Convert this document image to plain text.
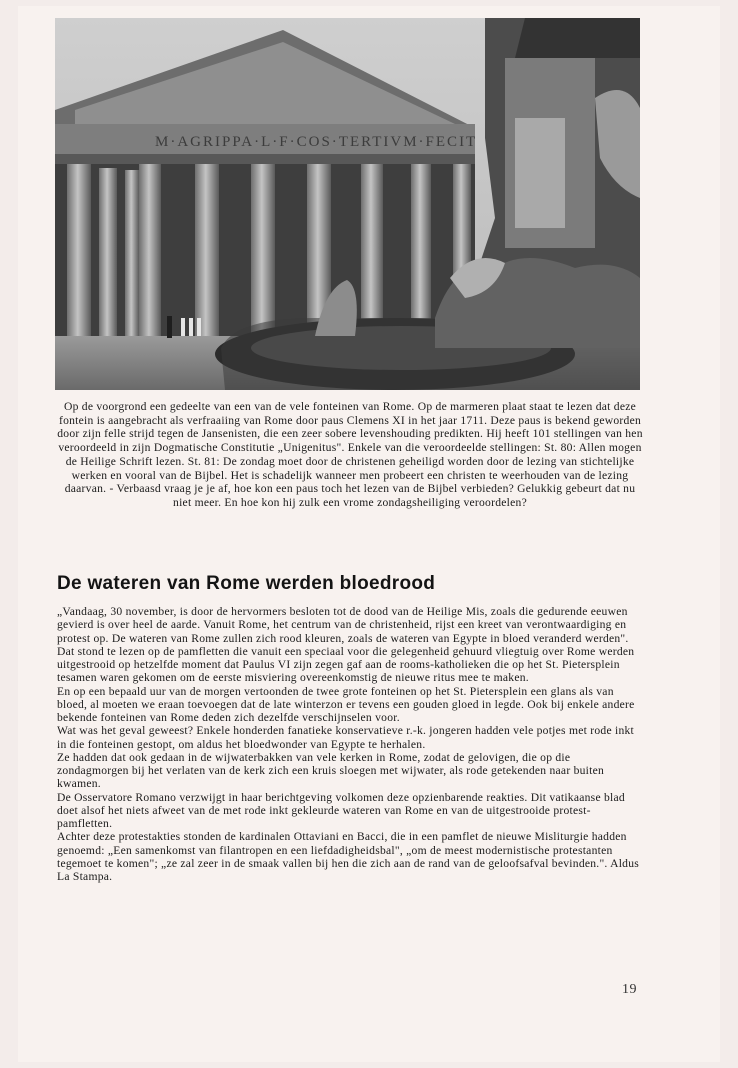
M·AGRIPPA·L·F·COS·TERTIVM·FECIT

Op de voorgrond een gedeelte van een van de vele fonteinen van Rome. Op de marmeren plaat staat te lezen dat deze fontein is aangebracht als verfraaiing van Rome door paus Clemens XI in het jaar 1711. Deze paus is bekend geworden door zijn felle strijd tegen de Jansenisten, die een zeer sobere levenshouding predikten. Hij heeft 101 stellingen van hen veroordeeld in zijn Dogmatische Constitutie „Unigenitus". Enkele van die veroordeelde stellingen: St. 80: Allen mogen de Heilige Schrift lezen. St. 81: De zondag moet door de christenen geheiligd worden door de lezing van stichtelijke werken en vooral van de Bijbel. Het is schadelijk wanneer men probeert een christen te weerhouden van de lezing daarvan. - Verbaasd vraag je je af, hoe kon een paus toch het lezen van de Bijbel verbieden? Gelukkig gebeurt dat nu niet meer. En hoe kon hij zulk een vrome zondagsheiliging veroordelen?

De wateren van Rome werden bloedrood

„Vandaag, 30 november, is door de hervormers besloten tot de dood van de Heilige Mis, zoals die gedurende eeuwen gevierd is over heel de aarde. Vanuit Rome, het centrum van de christenheid, rijst een kreet van verontwaardiging en protest op. De wateren van Rome zullen zich rood kleuren, zoals de wateren van Egypte in bloed veranderd werden". Dat stond te lezen op de pamfletten die vanuit een speciaal voor die gelegenheid gehuurd vliegtuig over Rome werden uitgestrooid op hetzelfde moment dat Paulus VI zijn zegen gaf aan de rooms-katholieken die op het St. Pietersplein tesamen waren gekomen om de eerste misviering overeenkomstig de nieuwe ritus mee te maken.

En op een bepaald uur van de morgen vertoonden de twee grote fonteinen op het St. Pietersplein een glans als van bloed, al moeten we eraan toevoegen dat de late winterzon er tevens een gouden gloed in legde. Ook bij enkele andere bekende fonteinen van Rome deden zich dezelfde verschijnselen voor.

Wat was het geval geweest? Enkele honderden fanatieke konservatieve r.-k. jongeren hadden vele potjes met rode inkt in die fonteinen gestopt, om aldus het bloedwonder van Egypte te herhalen.

Ze hadden dat ook gedaan in de wijwaterbakken van vele kerken in Rome, zodat de gelovigen, die op die zondagmorgen bij het verlaten van de kerk zich een kruis sloegen met wijwater, als rode getekenden naar buiten kwamen.

De Osservatore Romano verzwijgt in haar berichtgeving volkomen deze opzienbarende reakties. Dit vatikaanse blad doet alsof het niets afweet van de met rode inkt gekleurde wateren van Rome en van de uitgestrooide protest-pamfletten.

Achter deze protestakties stonden de kardinalen Ottaviani en Bacci, die in een pamflet de nieuwe Misliturgie hadden genoemd: „Een samenkomst van filantropen en een liefdadigheidsbal", „om de meest modernistische protestanten tegemoet te komen"; „ze zal zeer in de smaak vallen bij hen die zich aan de rand van de geloofsafval bevinden.". Aldus La Stampa.

19
